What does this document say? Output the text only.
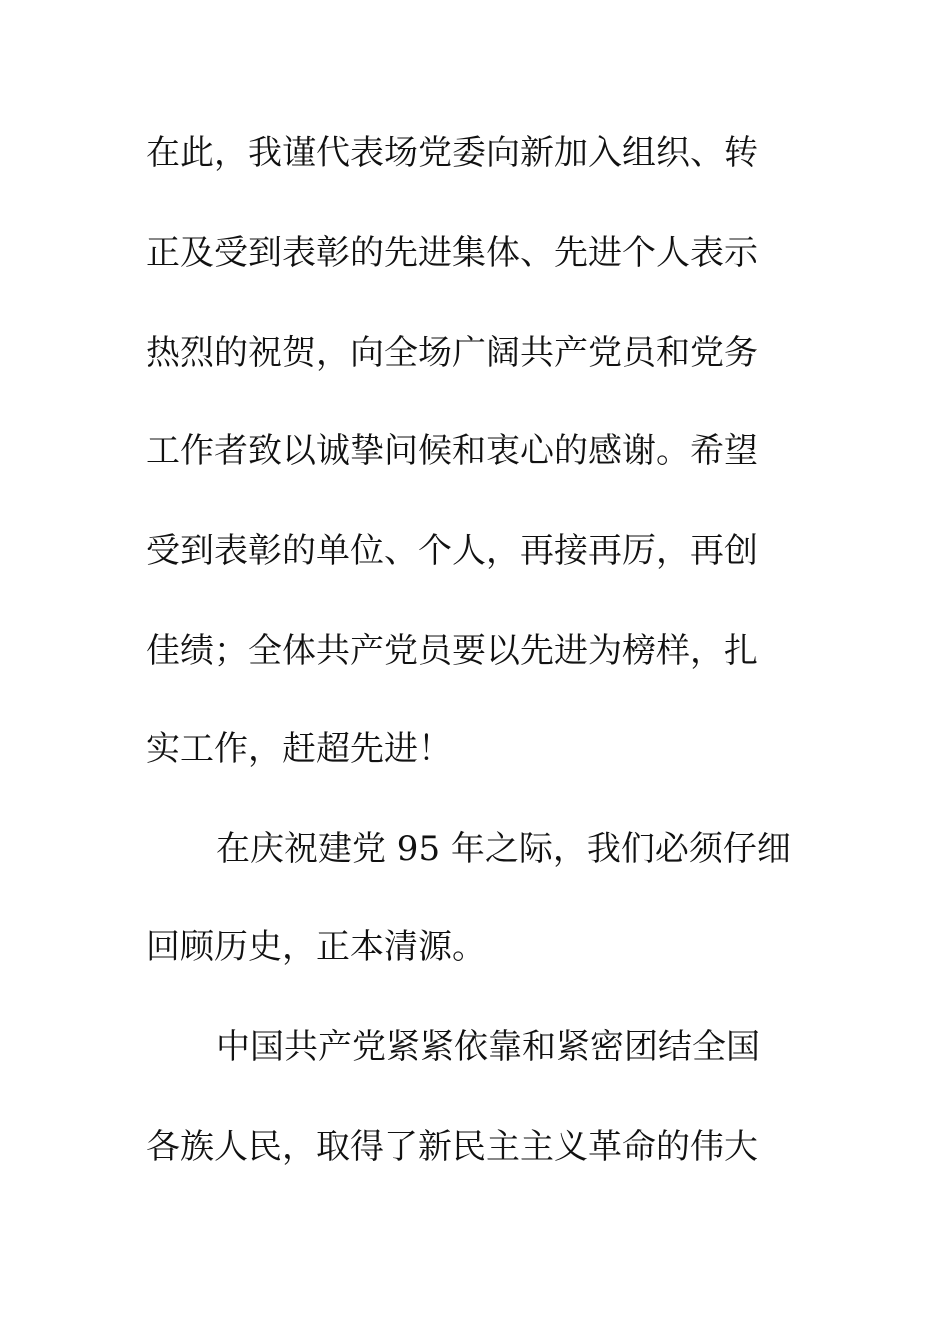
在此，我谨代表场党委向新加入组织、转
正及受到表彰的先进集体、先进个人表示
热烈的祝贺，向全场广阔共产党员和党务
工作者致以诚挚问候和衷心的感谢。希望
受到表彰的单位、个人，再接再厉，再创
佳绩；全体共产党员要以先进为榜样，扎
实工作，赶超先进！
在庆祝建党 95 年之际，我们必须仔细
回顾历史，正本清源。
中国共产党紧紧依靠和紧密团结全国
各族人民，取得了新民主主义革命的伟大
